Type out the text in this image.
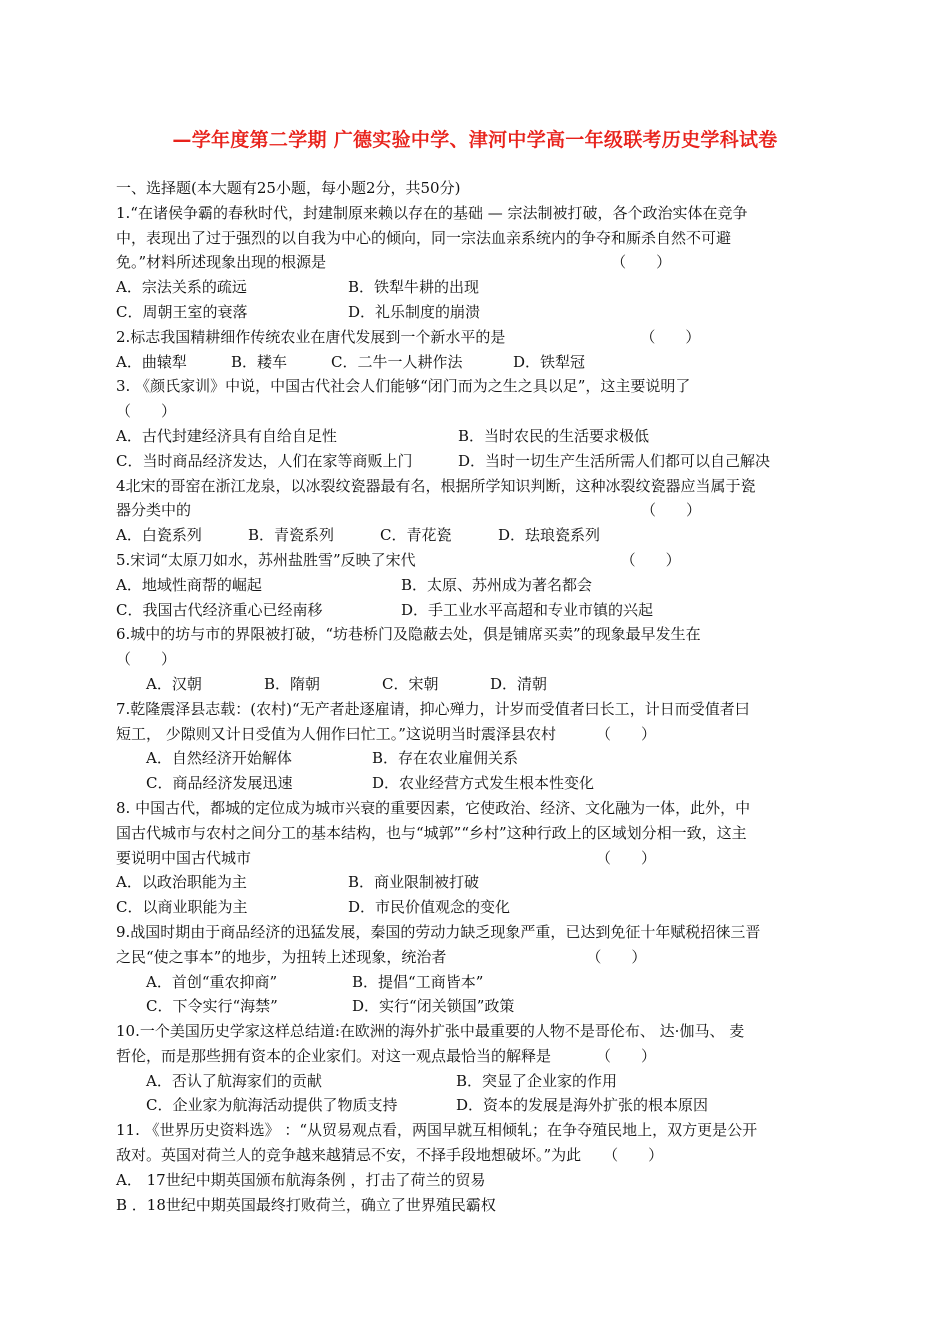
—学年度第二学期 广德实验中学、津河中学高一年级联考历史学科试卷
一、选择题(本大题有25小题，每小题2分，共50分)
1.“在诸侯争霸的春秋时代，封建制原来赖以存在的基础 — 宗法制被打破，各个政治实体在竞争
中，表现出了过于强烈的以自我为中心的倾向，同一宗法血亲系统内的争夺和厮杀自然不可避
免。”材料所述现象出现的根源是	（　　）
A．宗法关系的疏远	B．铁犁牛耕的出现
C．周朝王室的衰落	D．礼乐制度的崩溃
2.标志我国精耕细作传统农业在唐代发展到一个新水平的是	（　　）
A．曲辕犁	B．耧车	C．二牛一人耕作法	D．铁犁冠
3. 《颜氏家训》中说，中国古代社会人们能够“闭门而为之生之具以足”，这主要说明了
（　　）
A．古代封建经济具有自给自足性	B．当时农民的生活要求极低
C．当时商品经济发达，人们在家等商贩上门	D．当时一切生产生活所需人们都可以自己解决
4北宋的哥窑在浙江龙泉，以冰裂纹瓷器最有名，根据所学知识判断，这种冰裂纹瓷器应当属于瓷
器分类中的	（　　）
A．白瓷系列	B．青瓷系列	C．青花瓷	D．珐琅瓷系列
5.宋词“太原刀如水，苏州盐胜雪”反映了宋代	（　　）
A．地域性商帮的崛起	B．太原、苏州成为著名都会
C．我国古代经济重心已经南移	D．手工业水平高超和专业市镇的兴起
6.城中的坊与市的界限被打破，“坊巷桥门及隐蔽去处，俱是铺席买卖”的现象最早发生在
（　　）
A．汉朝	B．隋朝	C．宋朝	D．清朝
7.乾隆震泽县志载：(农村)“无产者赴逐雇请，抑心殚力，计岁而受值者曰长工，计日而受值者曰
短工， 少隙则又计日受值为人佣作曰忙工。”这说明当时震泽县农村	（　　）
A．自然经济开始解体	B．存在农业雇佣关系
C．商品经济发展迅速	D．农业经营方式发生根本性变化
8. 中国古代，都城的定位成为城市兴衰的重要因素，它使政治、经济、文化融为一体，此外，中
国古代城市与农村之间分工的基本结构，也与“城郭”“乡村”这种行政上的区域划分相一致，这主
要说明中国古代城市	（　　）
A．以政治职能为主	B．商业限制被打破
C．以商业职能为主	D．市民价值观念的变化
9.战国时期由于商品经济的迅猛发展，秦国的劳动力缺乏现象严重，已达到免征十年赋税招徕三晋
之民“使之事本”的地步，为扭转上述现象，统治者	（　　）
A．首创“重农抑商”	B．提倡“工商皆本”
C．下令实行“海禁”	D．实行“闭关锁国”政策
10.一个美国历史学家这样总结道:在欧洲的海外扩张中最重要的人物不是哥伦布、 达·伽马、 麦
哲伦，而是那些拥有资本的企业家们。对这一观点最恰当的解释是	（　　）
A．否认了航海家们的贡献	B．突显了企业家的作用
C．企业家为航海活动提供了物质支持	D．资本的发展是海外扩张的根本原因
11. 《世界历史资料选》 ：“从贸易观点看，两国早就互相倾轧；在争夺殖民地上，双方更是公开
敌对。英国对荷兰人的竞争越来越猜忌不安，不择手段地想破坏。”为此 （　　）
A． 17世纪中期英国颁布航海条例 ，打击了荷兰的贸易
B ．18世纪中期英国最终打败荷兰，确立了世界殖民霸权
